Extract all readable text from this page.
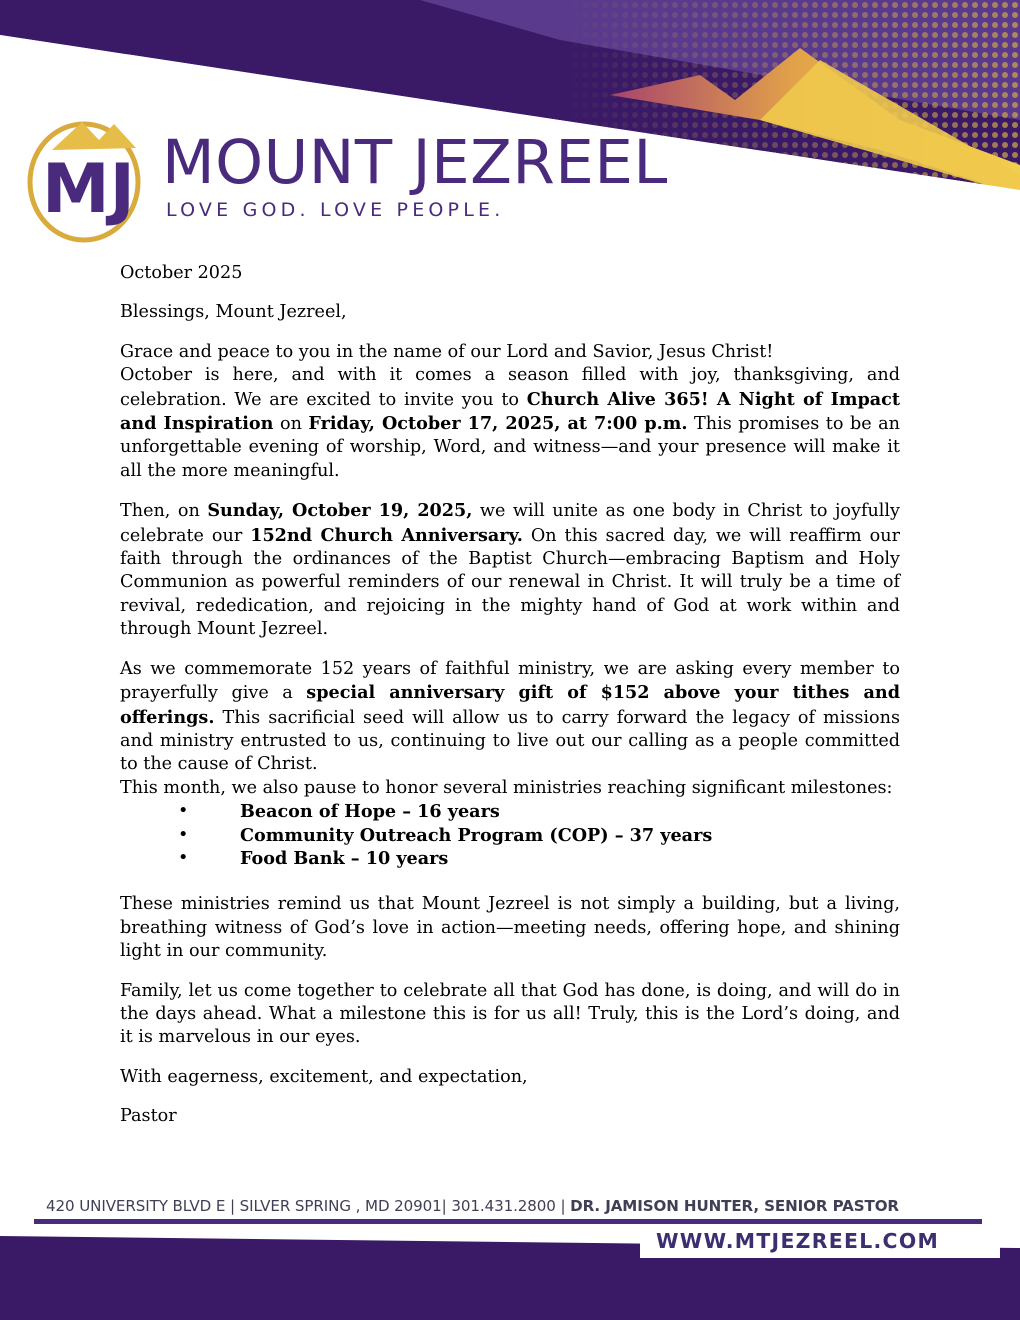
MJ MOUNT JEZREEL
LOVE GOD. LOVE PEOPLE.

October 2025

Blessings, Mount Jezreel,

Grace and peace to you in the name of our Lord and Savior, Jesus Christ!
October is here, and with it comes a season filled with joy, thanksgiving, and celebration. We are excited to invite you to Church Alive 365! A Night of Impact and Inspiration on Friday, October 17, 2025, at 7:00 p.m. This promises to be an unforgettable evening of worship, Word, and witness—and your presence will make it all the more meaningful.

Then, on Sunday, October 19, 2025, we will unite as one body in Christ to joyfully celebrate our 152nd Church Anniversary. On this sacred day, we will reaffirm our faith through the ordinances of the Baptist Church—embracing Baptism and Holy Communion as powerful reminders of our renewal in Christ. It will truly be a time of revival, rededication, and rejoicing in the mighty hand of God at work within and through Mount Jezreel.

As we commemorate 152 years of faithful ministry, we are asking every member to prayerfully give a special anniversary gift of $152 above your tithes and offerings. This sacrificial seed will allow us to carry forward the legacy of missions and ministry entrusted to us, continuing to live out our calling as a people committed to the cause of Christ.

This month, we also pause to honor several ministries reaching significant milestones:

• Beacon of Hope – 16 years
• Community Outreach Program (COP) – 37 years
• Food Bank – 10 years

These ministries remind us that Mount Jezreel is not simply a building, but a living, breathing witness of God’s love in action—meeting needs, offering hope, and shining light in our community.

Family, let us come together to celebrate all that God has done, is doing, and will do in the days ahead. What a milestone this is for us all! Truly, this is the Lord’s doing, and it is marvelous in our eyes.

With eagerness, excitement, and expectation,

Pastor

420 UNIVERSITY BLVD E | SILVER SPRING , MD 20901| 301.431.2800 | DR. JAMISON HUNTER, SENIOR PASTOR
WWW.MTJEZREEL.COM
